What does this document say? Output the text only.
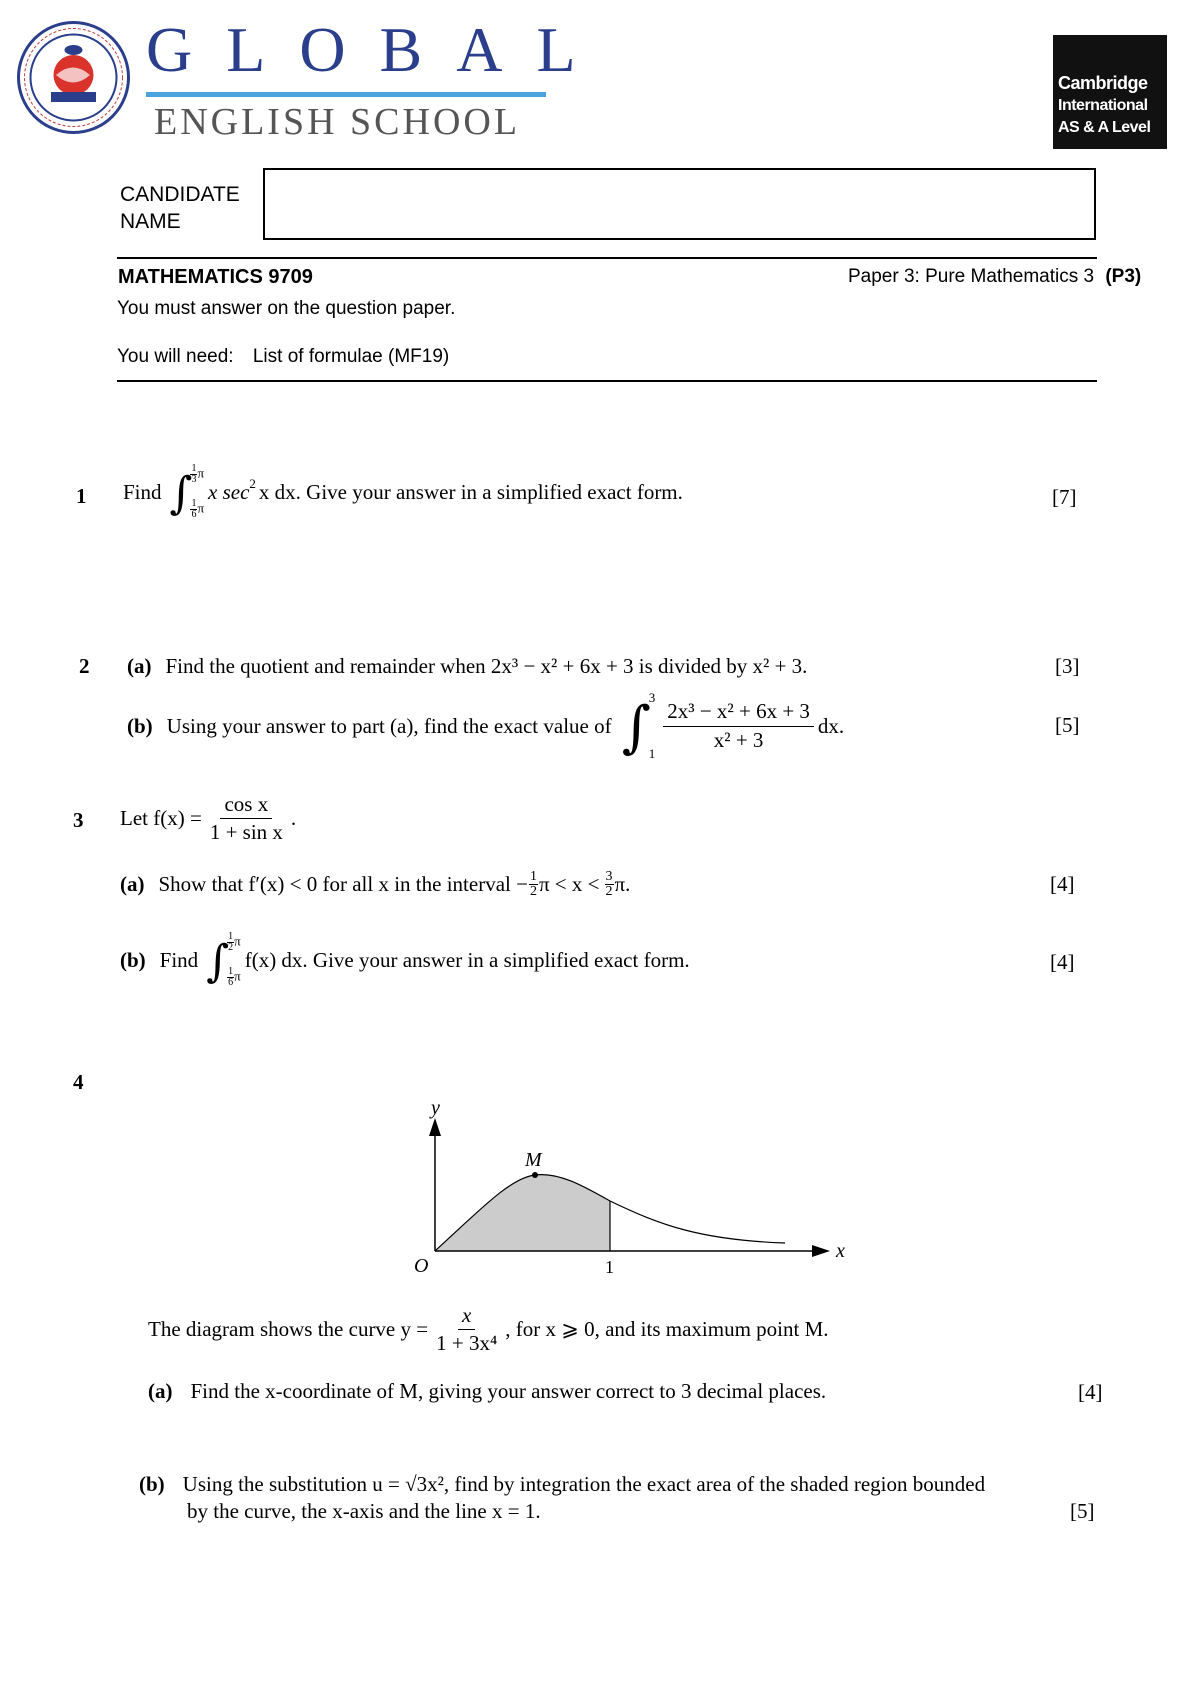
GLOBAL
ENGLISH SCHOOL
Cambridge
International
AS & A Level
CANDIDATE
NAME
MATHEMATICS 9709	Paper 3: Pure Mathematics 3 (P3)
You must answer on the question paper.
You will need: List of formulae (MF19)
1 Find ∫
$\frac{1}{3}$ π
$\frac{1}{6}$ π
x $\sec^2 x$ dx. Give your answer in a simplified exact form.	[7]
2 (a) Find the quotient and remainder when 2x³ − x² + 6x + 3 is divided by x² + 3.	[3]
(b) Using your answer to part (a), find the exact value of ∫
3
1
$\frac{\text{2x³ − x² + 6x + 3}}{\text{x² + 3}}$ dx.	[5]
3 Let $f(x) = \frac{\text{cos x}}{\text{1 + sin x}}$ .
(a) Show that f′(x) < 0 for all x in the interval − $\frac{1}{2}$ $\pi < x < \frac{3}{2} \pi$.	[4]
(b) Find ∫
$\frac{1}{2}$ π
$\frac{1}{6}$ π
f(x) dx. Give your answer in a simplified exact form.	[4]
4
y
x
O
M
1
The diagram shows the curve $y = \frac{x}{\text{1 + 3x⁴}}$ , for x ⩾ 0, and its maximum point M.
(a) Find the x-coordinate of M, giving your answer correct to 3 decimal places.	[4]
(b) Using the substitution u = √3x², find by integration the exact area of the shaded region bounded
by the curve, the x-axis and the line x = 1.	[5]
